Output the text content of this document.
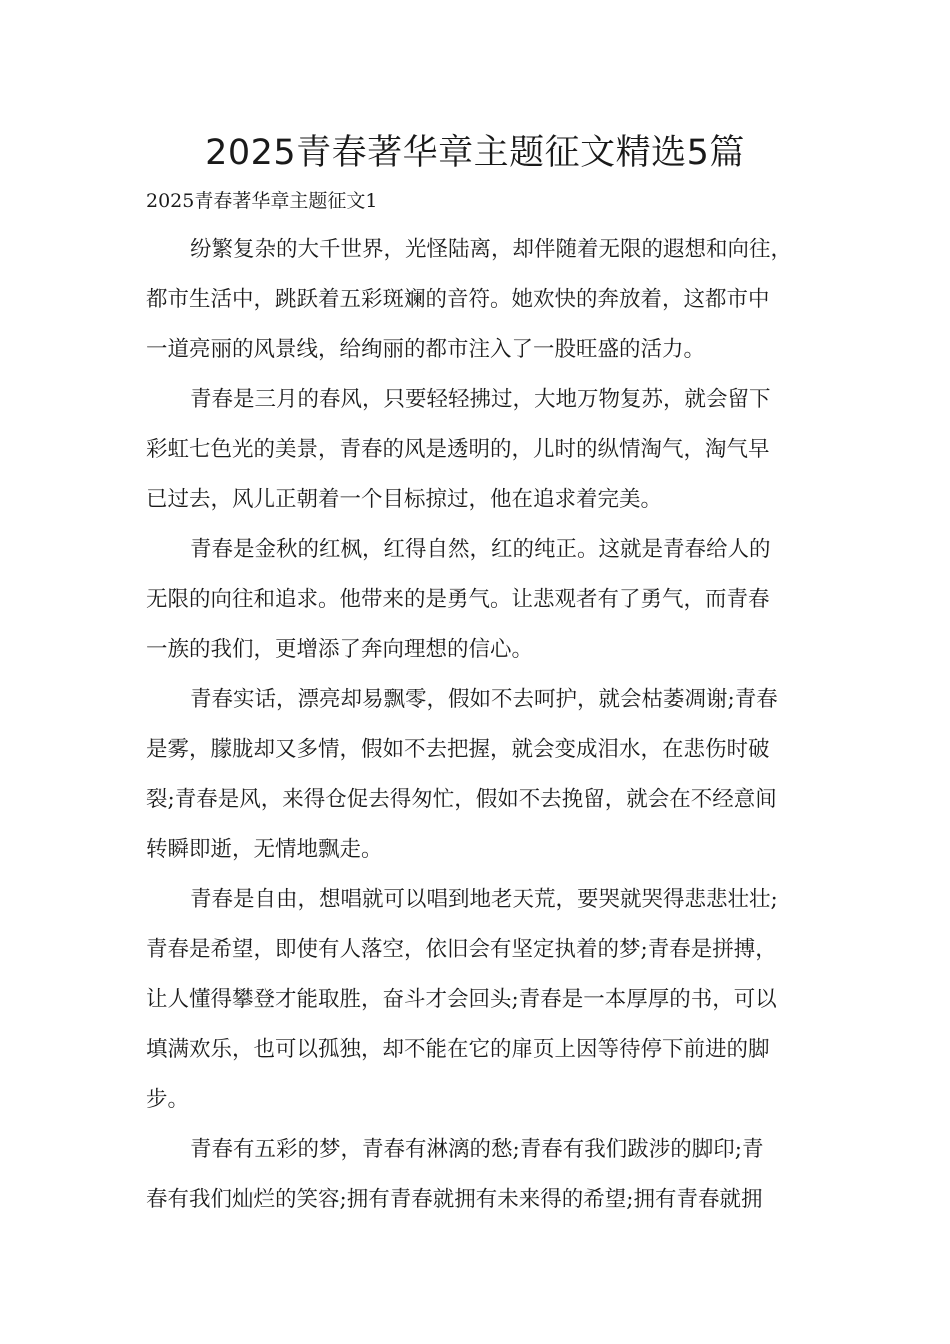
2025青春著华章主题征文精选5篇

2025青春著华章主题征文1

纷繁复杂的大千世界，光怪陆离，却伴随着无限的遐想和向往，

都市生活中，跳跃着五彩斑斓的音符。她欢快的奔放着，这都市中

一道亮丽的风景线，给绚丽的都市注入了一股旺盛的活力。

青春是三月的春风，只要轻轻拂过，大地万物复苏，就会留下

彩虹七色光的美景，青春的风是透明的，儿时的纵情淘气，淘气早

已过去，风儿正朝着一个目标掠过，他在追求着完美。

青春是金秋的红枫，红得自然，红的纯正。这就是青春给人的

无限的向往和追求。他带来的是勇气。让悲观者有了勇气，而青春

一族的我们，更增添了奔向理想的信心。

青春实话，漂亮却易飘零，假如不去呵护，就会枯萎凋谢;青春

是雾，朦胧却又多情，假如不去把握，就会变成泪水，在悲伤时破

裂;青春是风，来得仓促去得匆忙，假如不去挽留，就会在不经意间

转瞬即逝，无情地飘走。

青春是自由，想唱就可以唱到地老天荒，要哭就哭得悲悲壮壮;

青春是希望，即使有人落空，依旧会有坚定执着的梦;青春是拼搏，

让人懂得攀登才能取胜，奋斗才会回头;青春是一本厚厚的书，可以

填满欢乐，也可以孤独，却不能在它的扉页上因等待停下前进的脚

步。

青春有五彩的梦，青春有淋漓的愁;青春有我们跋涉的脚印;青

春有我们灿烂的笑容;拥有青春就拥有未来得的希望;拥有青春就拥
